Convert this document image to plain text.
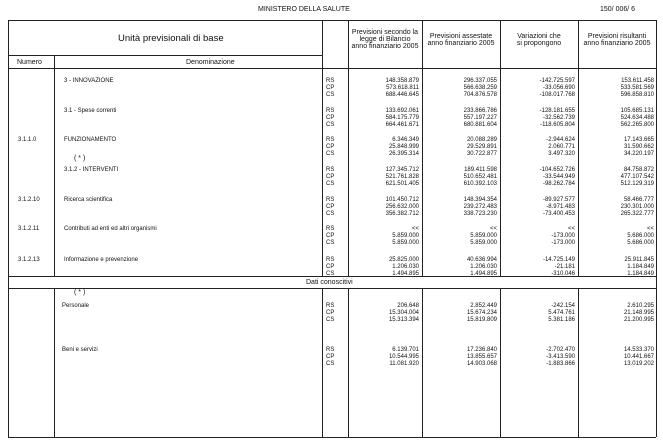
MINISTERO DELLA SALUTE	150/ 006/ 6
Unità previsionali di base
Numero	Denominazione
Previsioni secondo la
legge di Bilancio
anno finanziario 2005
Previsioni assestate
anno finanziario 2005
Variazioni che
si propongono
Previsioni risultanti
anno finanziario 2005
3 - INNOVAZIONE	RS	148.358.879	296.337.055	-142.725.597	153.611.458
CP	573.618.811	566.638.259	-33.056.690	533.581.569
CS	688.446.645	704.876.578	-108.017.768	596.858.810
3.1 - Spese correnti	RS	133.692.061	233.866.786	-128.181.655	105.685.131
CP	584.175.779	557.197.227	-32.562.739	524.634.488
CS	664.461.671	680.881.604	-118.605.804	562.265.800
3.1.1.0	FUNZIONAMENTO	RS	6.346.349	20.088.289	-2.944.624	17.143.665
CP	25.848.999	29.529.891	2.060.771	31.590.662
CS	26.395.314	30.722.877	3.497.320	34.220.197
3.1.2 - INTERVENTI	RS	127.345.712	189.411.598	-104.652.726	84.758.872
CP	521.761.828	510.652.481	-33.544.949	477.107.542
CS	621.501.405	610.392.103	-98.262.784	512.129.319
3.1.2.10	Ricerca scientifica	RS	101.450.712	148.394.354	-89.927.577	58.466.777
CP	256.632.000	239.272.483	-8.971.483	230.301.000
CS	356.382.712	338.723.230	-73.400.453	265.322.777
3.1.2.11	Contributi ad enti ed altri organismi	RS	<<	<<	<<	<<
CP	5.859.000	5.859.000	-173.000	5.686.000
CS	5.859.000	5.859.000	-173.000	5.686.000
3.1.2.13	Informazione e prevenzione	RS	25.825.000	40.636.994	-14.725.149	25.911.845
CP	1.206.030	1.206.030	-21.181	1.184.849
CS	1.494.895	1.494.895	-310.046	1.184.849
( * )
Dati conoscitivi
( * )
Personale	RS	206.648	2.852.449	-242.154	2.610.295
CP	15.304.004	15.674.234	5.474.761	21.148.995
CS	15.313.394	15.819.809	5.381.186	21.200.995
Beni e servizi	RS	6.139.701	17.236.840	-2.702.470	14.533.370
CP	10.544.995	13.855.657	-3.413.590	10.441.667
CS	11.081.920	14.903.068	-1.883.866	13.019.202
